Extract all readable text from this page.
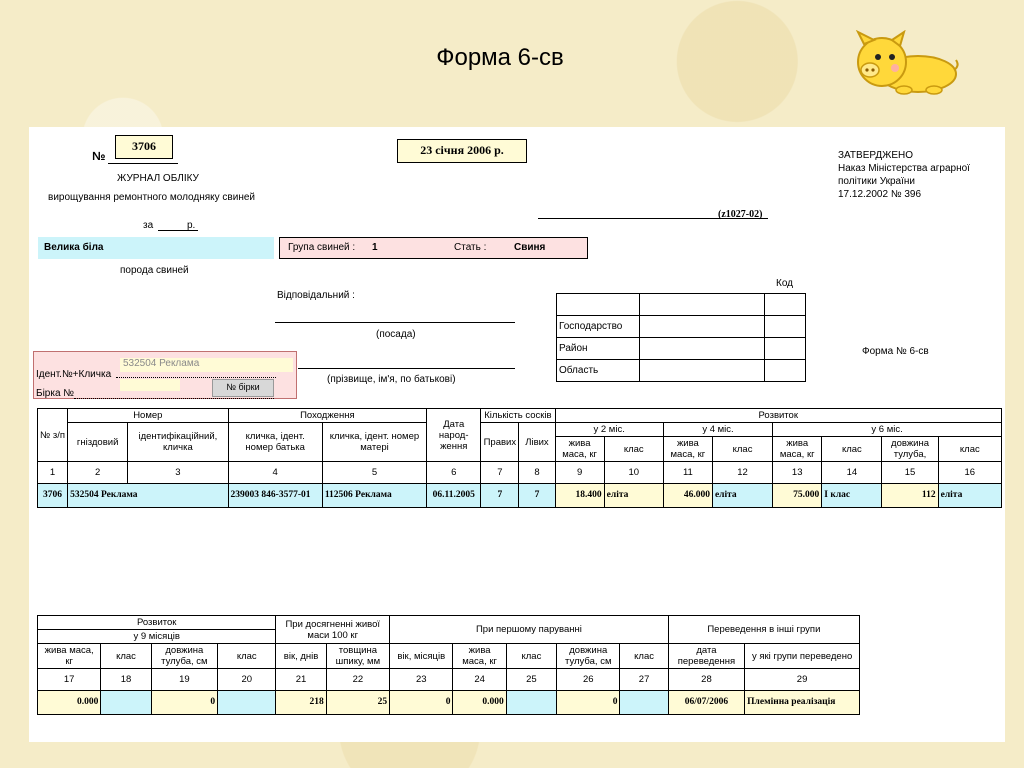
Форма 6-св
№
3706	23 січня 2006 р.
ЖУРНАЛ ОБЛІКУ
вирощування ремонтного молодняку свиней
за	р.
ЗАТВЕРДЖЕНО
Наказ Міністерства аграрної
політики України
17.12.2002 № 396
(z1027-02)
Велика біла
порода свиней
Група свиней : 1	Стать :	Свиня
Відповідальний :
(посада)
(прізвище, ім'я, по батькові)
Ідент.№+Кличка
532504 Реклама
Бірка №
№ бірки
Код

Господарство		
Район		
Область		
Форма № 6-св
№ з/п	Номер		Походження		Дата народ-ження	Кількість сосків		Розвиток							
	гніздовий	ідентифікаційний, кличка	кличка, ідент. номер батька	кличка, ідент. номер матері		Правих	Лівих	у 2 міс.		у 4 міс.		у 6 міс.			
								жива маса, кг	клас	жива маса, кг	клас	жива маса, кг	клас	довжина тулуба,	клас
1	2	3	4	5	6	7	8	9	10	11	12	13	14	15	16
3706	532504 Реклама		239003 846-3577-01	112506 Реклама	06.11.2005	7	7	18.400	еліта	46.000	еліта	75.000	I клас	112	еліта
Розвиток				При досягненні живої маси 100 кг		При першому паруванні					Переведення в інші групи	
у 9 місяців												
жива маса, кг	клас	довжина тулуба, см	клас	вік, днів	товщина шпику, мм	вік, місяців	жива маса, кг	клас	довжина тулуба, см	клас	дата переведення	у які групи переведено
17	18	19	20	21	22	23	24	25	26	27	28	29
0.000		0		218	25	0	0.000		0		06/07/2006	Племінна реалізація
